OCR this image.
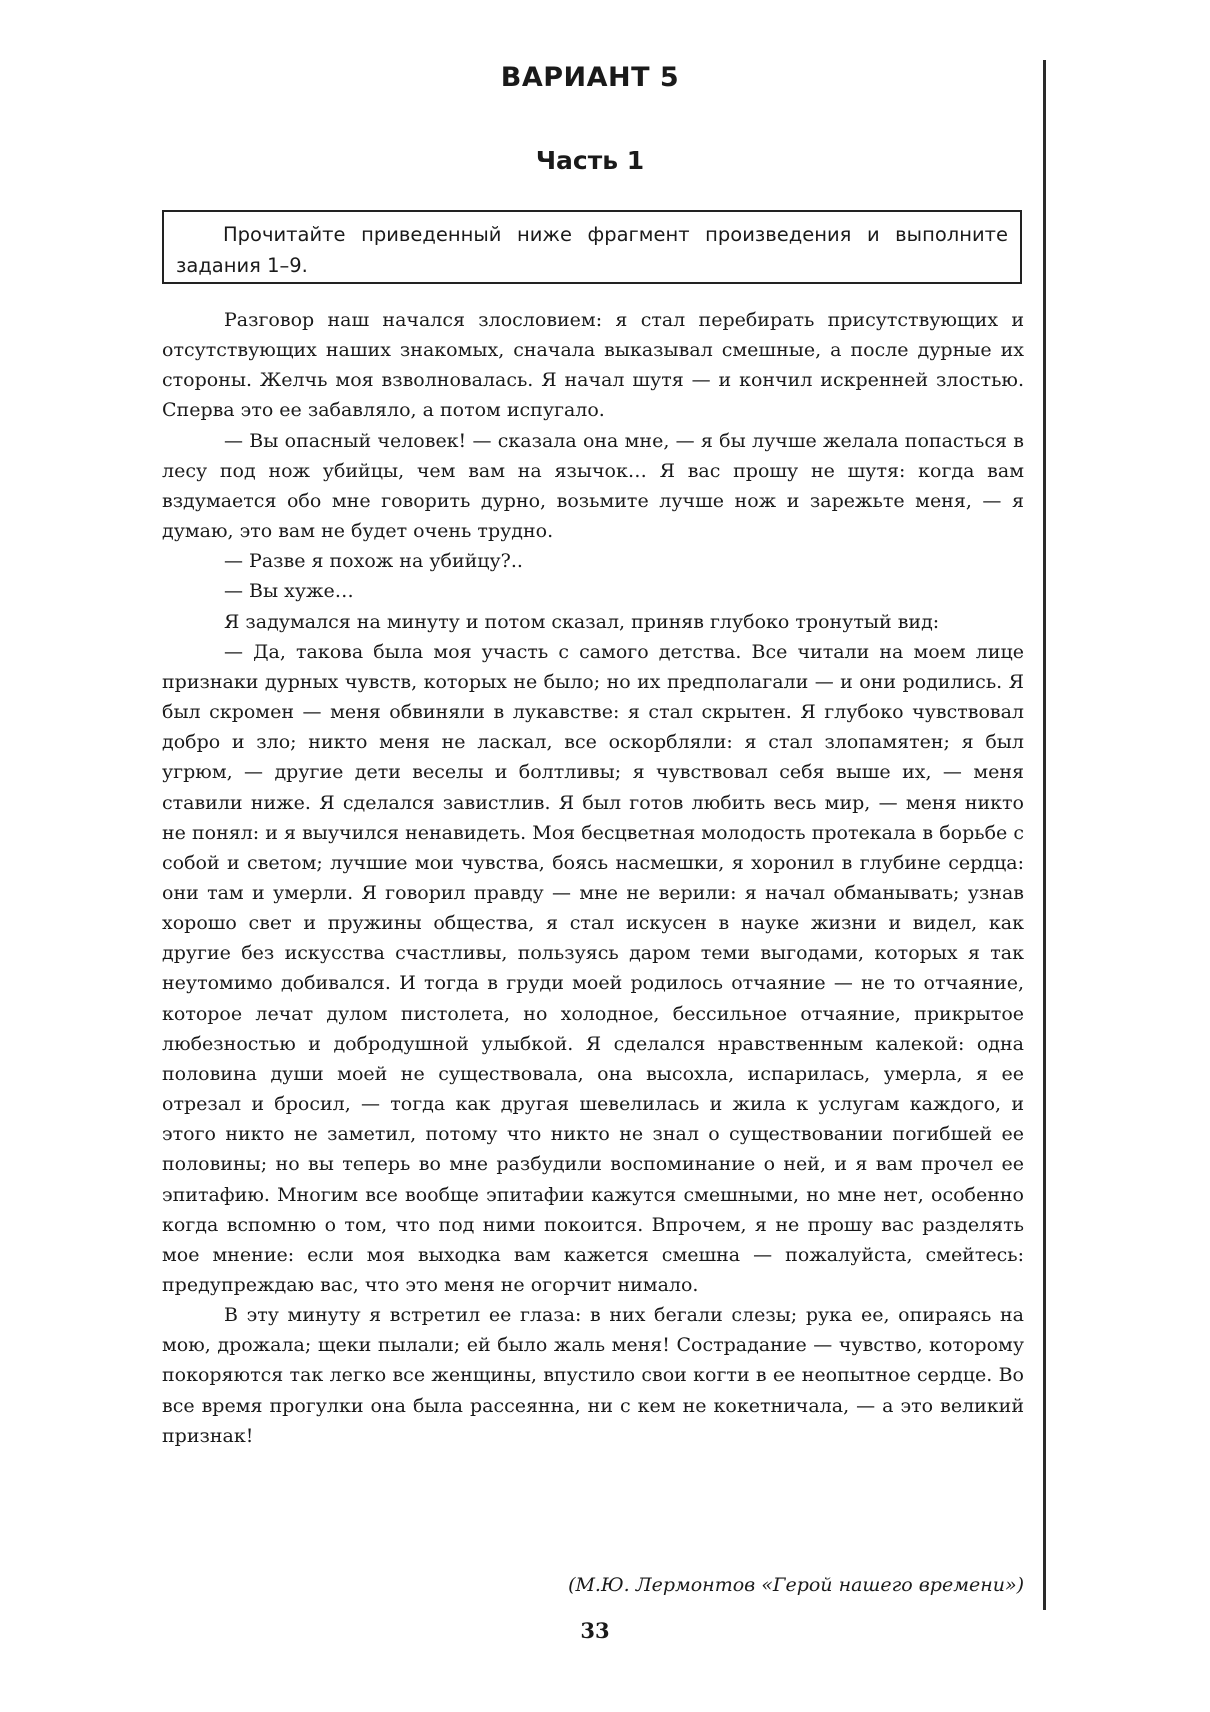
ВАРИАНТ 5
Часть 1
Прочитайте приведенный ниже фрагмент произведения и выполните задания 1–9.

Разговор наш начался злословием: я стал перебирать присутствующих и отсутствующих наших знакомых, сначала выказывал смешные, а после дурные их стороны. Желчь моя взволновалась. Я начал шутя — и кончил искренней злостью. Сперва это ее забавляло, а потом испугало.

— Вы опасный человек! — сказала она мне, — я бы лучше желала попасться в лесу под нож убийцы, чем вам на язычок… Я вас прошу не шутя: когда вам вздумается обо мне говорить дурно, возьмите лучше нож и зарежьте меня, — я думаю, это вам не будет очень трудно.

— Разве я похож на убийцу?..

— Вы хуже…

Я задумался на минуту и потом сказал, приняв глубоко тронутый вид:

— Да, такова была моя участь с самого детства. Все читали на моем лице признаки дурных чувств, которых не было; но их предполагали — и они родились. Я был скромен — меня обвиняли в лукавстве: я стал скрытен. Я глубоко чувствовал добро и зло; никто меня не ласкал, все оскорбляли: я стал злопамятен; я был угрюм, — другие дети веселы и болтливы; я чувствовал себя выше их, — меня ставили ниже. Я сделался завистлив. Я был готов любить весь мир, — меня никто не понял: и я выучился ненавидеть. Моя бесцветная молодость протекала в борьбе с собой и светом; лучшие мои чувства, боясь насмешки, я хоронил в глубине сердца: они там и умерли. Я говорил правду — мне не верили: я начал обманывать; узнав хорошо свет и пружины общества, я стал искусен в науке жизни и видел, как другие без искусства счастливы, пользуясь даром теми выгодами, которых я так неутомимо добивался. И тогда в груди моей родилось отчаяние — не то отчаяние, которое лечат дулом пистолета, но холодное, бессильное отчаяние, прикрытое любезностью и добродушной улыбкой. Я сделался нравственным калекой: одна половина души моей не существовала, она высохла, испарилась, умерла, я ее отрезал и бросил, — тогда как другая шевелилась и жила к услугам каждого, и этого никто не заметил, потому что никто не знал о существовании погибшей ее половины; но вы теперь во мне разбудили воспоминание о ней, и я вам прочел ее эпитафию. Многим все вообще эпитафии кажутся смешными, но мне нет, особенно когда вспомню о том, что под ними покоится. Впрочем, я не прошу вас разделять мое мнение: если моя выходка вам кажется смешна — пожалуйста, смейтесь: предупреждаю вас, что это меня не огорчит нимало.

В эту минуту я встретил ее глаза: в них бегали слезы; рука ее, опираясь на мою, дрожала; щеки пылали; ей было жаль меня! Сострадание — чувство, которому покоряются так легко все женщины, впустило свои когти в ее неопытное сердце. Во все время прогулки она была рассеянна, ни с кем не кокетничала, — а это великий признак!

(М.Ю. Лермонтов «Герой нашего времени»)
33
